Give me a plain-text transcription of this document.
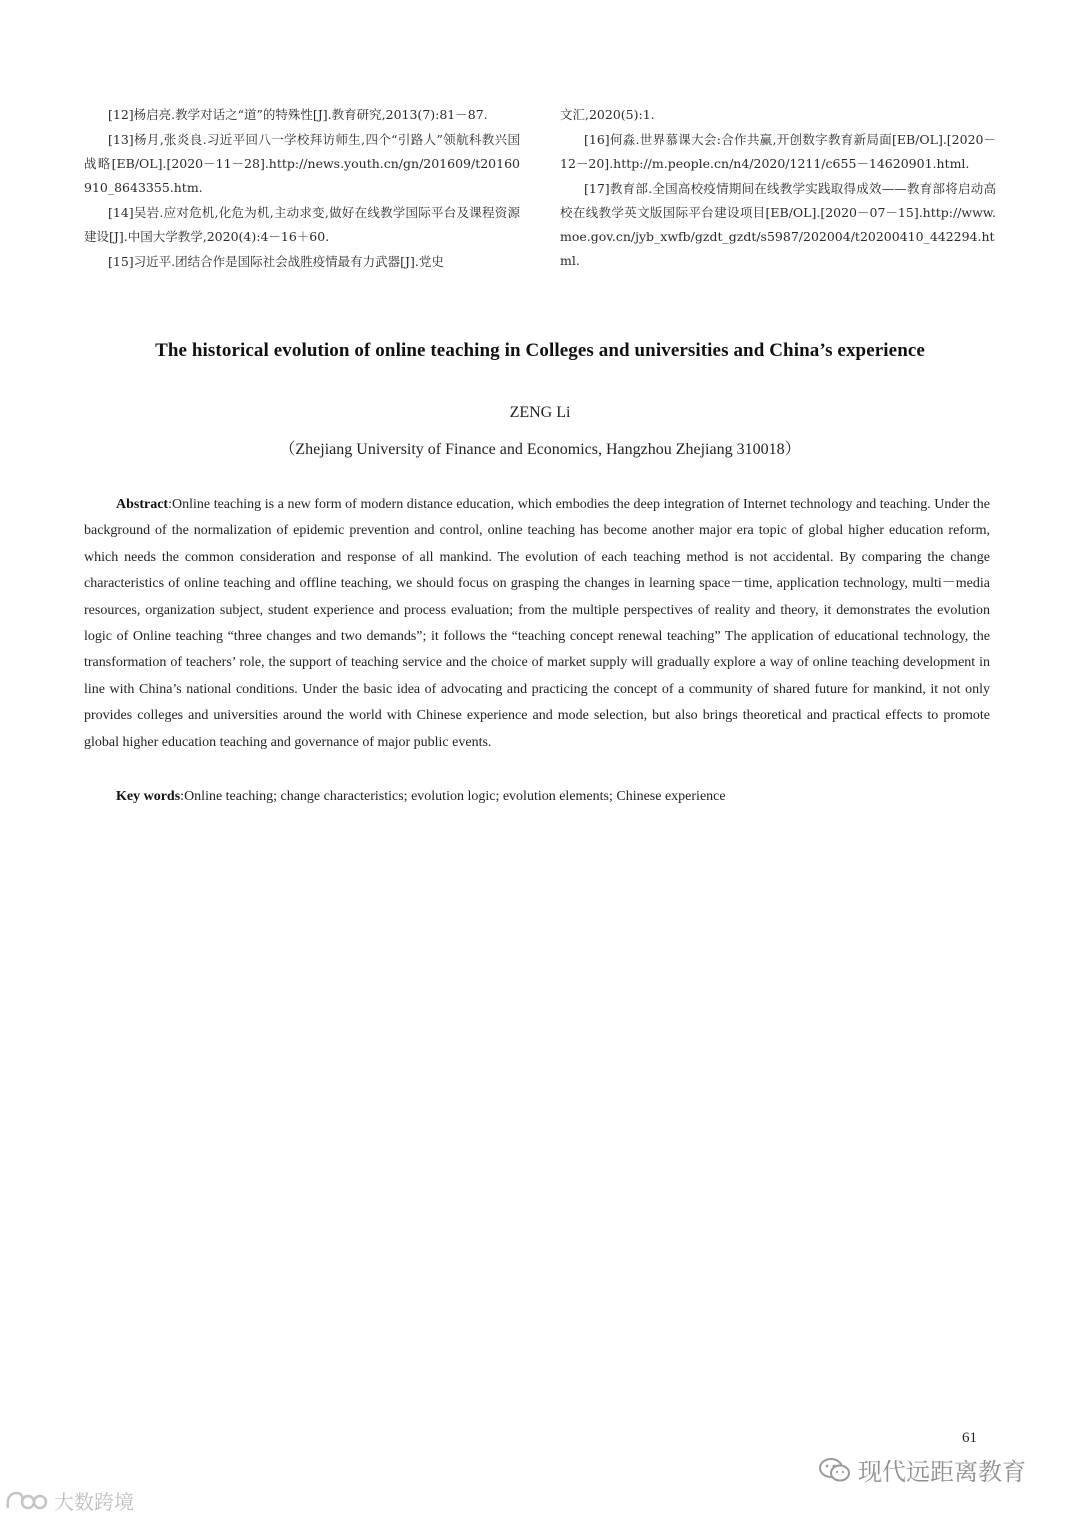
[12]杨启亮.教学对话之“道”的特殊性[J].教育研究,2013(7):81－87.
[13]杨月,张炎良.习近平回八一学校拜访师生,四个“引路人”领航科教兴国战略[EB/OL].[2020－11－28].http://news.youth.cn/gn/201609/t20160910_8643355.htm.
[14]吴岩.应对危机,化危为机,主动求变,做好在线教学国际平台及课程资源建设[J].中国大学教学,2020(4):4－16＋60.
[15]习近平.团结合作是国际社会战胜疫情最有力武器[J].党史
文汇,2020(5):1.
[16]何淼.世界慕课大会:合作共赢,开创数字教育新局面[EB/OL].[2020－12－20].http://m.people.cn/n4/2020/1211/c655－14620901.html.
[17]教育部.全国高校疫情期间在线教学实践取得成效——教育部将启动高校在线教学英文版国际平台建设项目[EB/OL].[2020－07－15].http://www.moe.gov.cn/jyb_xwfb/gzdt_gzdt/s5987/202004/t20200410_442294.html.
The historical evolution of online teaching in Colleges and universities and China’s experience
ZENG Li
（Zhejiang University of Finance and Economics, Hangzhou Zhejiang 310018）

Abstract:Online teaching is a new form of modern distance education, which embodies the deep integration of Internet technology and teaching. Under the background of the normalization of epidemic prevention and control, online teaching has become another major era topic of global higher education reform, which needs the common consideration and response of all mankind. The evolution of each teaching method is not accidental. By comparing the change characteristics of online teaching and offline teaching, we should focus on grasping the changes in learning space－time, application technology, multi－media resources, organization subject, student experience and process evaluation; from the multiple perspectives of reality and theory, it demonstrates the evolution logic of Online teaching “three changes and two demands”; it follows the “teaching concept renewal teaching” The application of educational technology, the transformation of teachers’ role, the support of teaching service and the choice of market supply will gradually explore a way of online teaching development in line with China’s national conditions. Under the basic idea of advocating and practicing the concept of a community of shared future for mankind, it not only provides colleges and universities around the world with Chinese experience and mode selection, but also brings theoretical and practical effects to promote global higher education teaching and governance of major public events.

Key words:Online teaching; change characteristics; evolution logic; evolution elements; Chinese experience

61
现代远距离教育
大数跨境
